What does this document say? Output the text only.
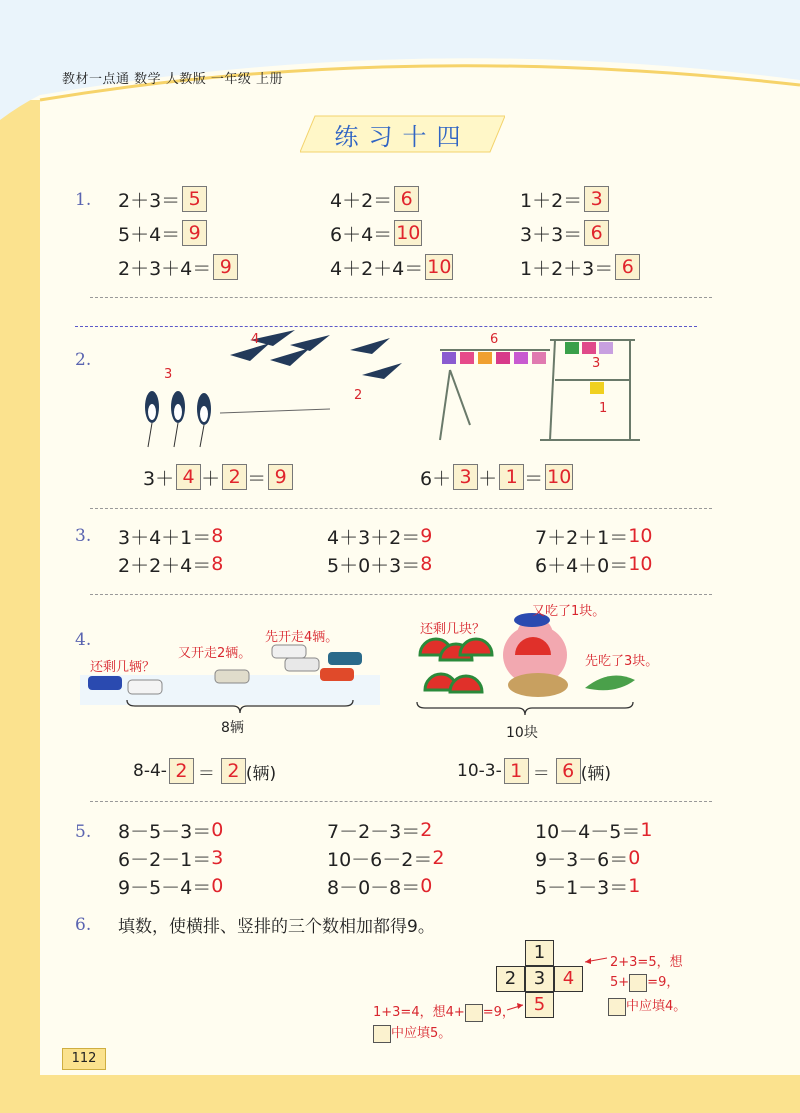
教材一点通 数学 人教版 一年级 上册
练习十四
1. 2＋3＝ 5
5＋4＝ 9
2＋3＋4＝ 9
4＋2＝ 6
6＋4＝ 10
4＋2＋4＝ 10
1＋2＝ 3
3＋3＝ 6
1＋2＋3＝ 6
2.
4
3
2
6
3
1
3＋ 4 ＋ 2 ＝ 9	6＋ 3 ＋ 1 ＝ 10
3. 3＋4＋1＝ 8
2＋2＋4＝ 8
4＋3＋2＝ 9
5＋0＋3＝ 8
7＋2＋1＝ 10
6＋4＋0＝ 10
4.
还剩几辆？
又开走2辆。
先开走4辆。
8辆
还剩几块？
又吃了1块。
先吃了3块。
10块
8-4- 2 ＝ 2 (辆)	10-3- 1 ＝ 6 (辆)
5. 8－5－3＝ 0
6－2－1＝ 3
9－5－4＝ 0
7－2－3＝ 2
10－6－2＝ 2
8－0－8＝ 0
10－4－5＝ 1
9－3－6＝ 0
5－1－3＝ 1
6. 填数，使横排、竖排的三个数相加都得9。
1
2 3 4
5
2+3=5，想
5+ =9，
中应填4。
1+3=4，想4+ =9，
中应填5。
112
